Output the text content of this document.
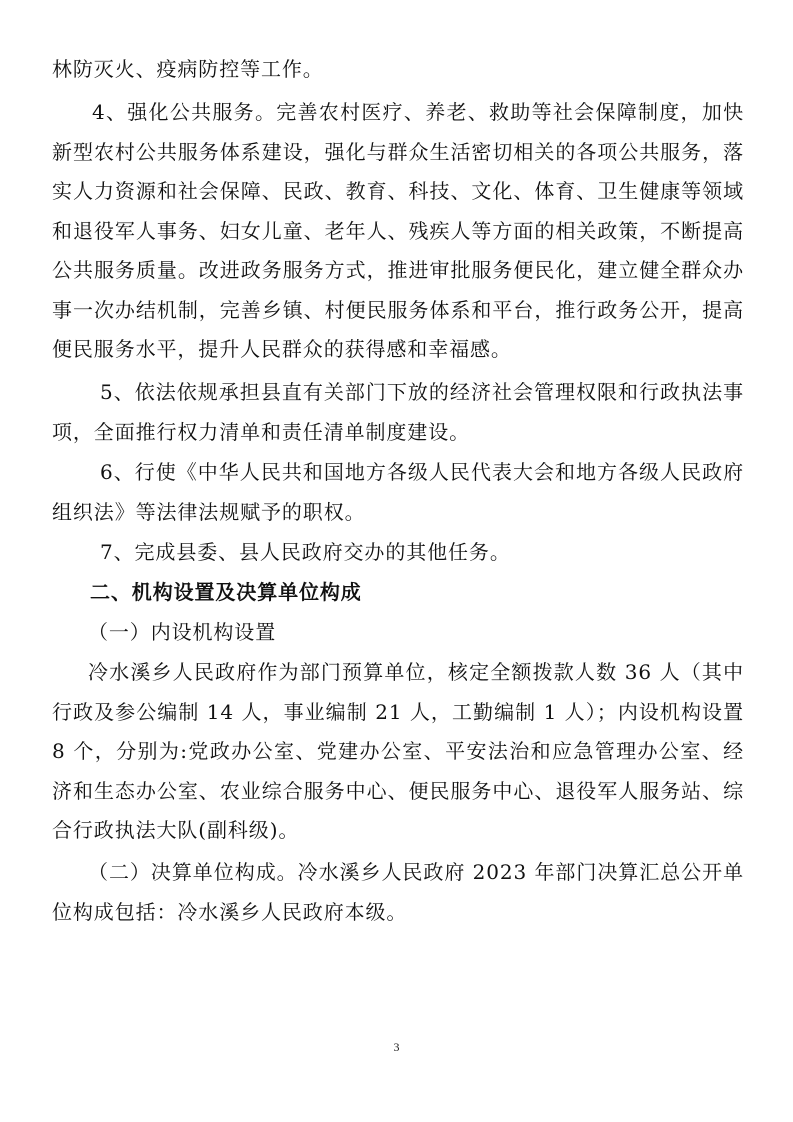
林防灭火、疫病防控等工作。

4、强化公共服务。完善农村医疗、养老、救助等社会保障制度，加快新型农村公共服务体系建设，强化与群众生活密切相关的各项公共服务，落实人力资源和社会保障、民政、教育、科技、文化、体育、卫生健康等领域和退役军人事务、妇女儿童、老年人、残疾人等方面的相关政策，不断提高公共服务质量。改进政务服务方式，推进审批服务便民化，建立健全群众办事一次办结机制，完善乡镇、村便民服务体系和平台，推行政务公开，提高便民服务水平，提升人民群众的获得感和幸福感。

5、依法依规承担县直有关部门下放的经济社会管理权限和行政执法事项，全面推行权力清单和责任清单制度建设。

6、行使《中华人民共和国地方各级人民代表大会和地方各级人民政府组织法》等法律法规赋予的职权。

7、完成县委、县人民政府交办的其他任务。

二、机构设置及决算单位构成

（一）内设机构设置

冷水溪乡人民政府作为部门预算单位，核定全额拨款人数 36 人（其中行政及参公编制 14 人，事业编制 21 人，工勤编制 1 人）；内设机构设置 8 个，分别为:党政办公室、党建办公室、平安法治和应急管理办公室、经济和生态办公室、农业综合服务中心、便民服务中心、退役军人服务站、综合行政执法大队(副科级)。

（二）决算单位构成。冷水溪乡人民政府 2023 年部门决算汇总公开单位构成包括：冷水溪乡人民政府本级。

3
